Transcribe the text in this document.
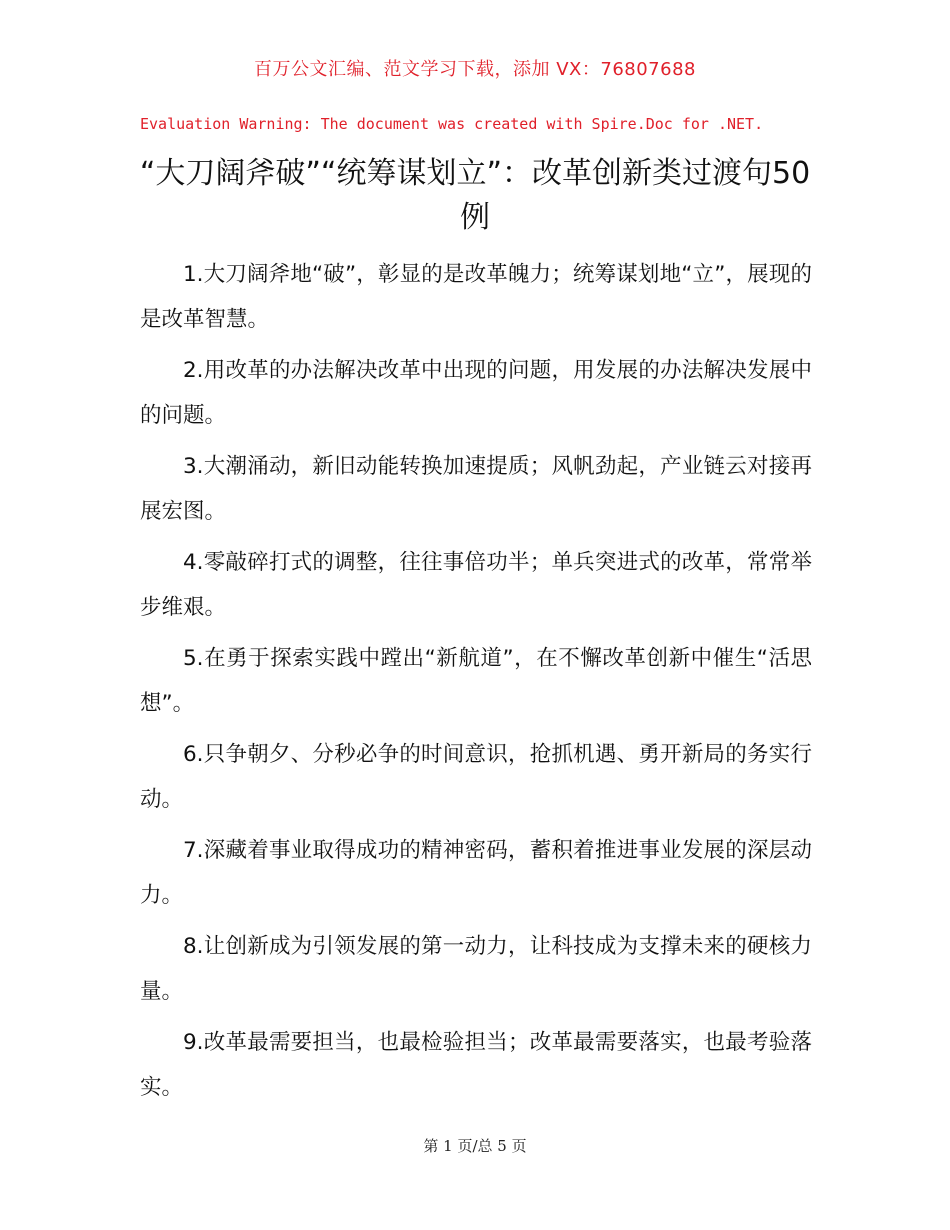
百万公文汇编、范文学习下载，添加 VX：76807688
Evaluation Warning: The document was created with Spire.Doc for .NET.
“大刀阔斧破”“统筹谋划立”：改革创新类过渡句50例

1.大刀阔斧地“破”，彰显的是改革魄力；统筹谋划地“立”，展现的是改革智慧。

2.用改革的办法解决改革中出现的问题，用发展的办法解决发展中的问题。

3.大潮涌动，新旧动能转换加速提质；风帆劲起，产业链云对接再展宏图。

4.零敲碎打式的调整，往往事倍功半；单兵突进式的改革，常常举步维艰。

5.在勇于探索实践中蹚出“新航道”，在不懈改革创新中催生“活思想”。

6.只争朝夕、分秒必争的时间意识，抢抓机遇、勇开新局的务实行动。

7.深藏着事业取得成功的精神密码，蓄积着推进事业发展的深层动力。

8.让创新成为引领发展的第一动力，让科技成为支撑未来的硬核力量。

9.改革最需要担当，也最检验担当；改革最需要落实，也最考验落实。

第 1 页/总 5 页
